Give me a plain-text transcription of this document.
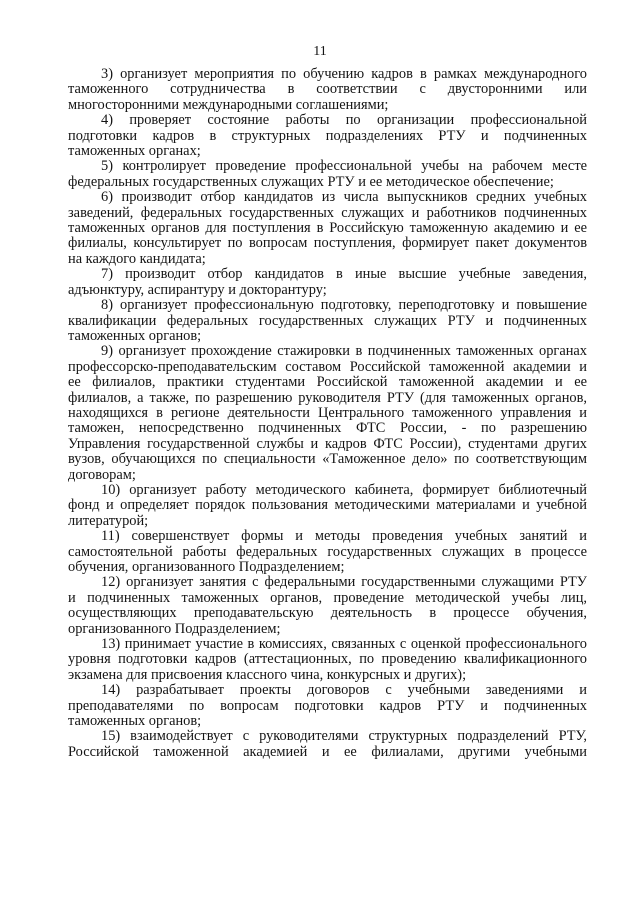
11

3) организует мероприятия по обучению кадров в рамках международного
таможенного сотрудничества в соответствии с двусторонними или
многосторонними международными соглашениями;

4) проверяет состояние работы по организации профессиональной
подготовки кадров в структурных подразделениях РТУ и подчиненных
таможенных органах;

5) контролирует проведение профессиональной учебы на рабочем месте
федеральных государственных служащих РТУ и ее методическое обеспечение;

6) производит отбор кандидатов из числа выпускников средних учебных
заведений, федеральных государственных служащих и работников подчиненных
таможенных органов для поступления в Российскую таможенную академию и ее
филиалы, консультирует по вопросам поступления, формирует пакет документов
на каждого кандидата;

7) производит отбор кандидатов в иные высшие учебные заведения,
адъюнктуру, аспирантуру и докторантуру;

8) организует профессиональную подготовку, переподготовку и повышение
квалификации федеральных государственных служащих РТУ и подчиненных
таможенных органов;

9) организует прохождение стажировки в подчиненных таможенных органах
профессорско-преподавательским составом Российской таможенной академии и
ее филиалов, практики студентами Российской таможенной академии и ее
филиалов, а также, по разрешению руководителя РТУ (для таможенных органов,
находящихся в регионе деятельности Центрального таможенного управления и
таможен, непосредственно подчиненных ФТС России, - по разрешению
Управления государственной службы и кадров ФТС России), студентами других
вузов, обучающихся по специальности «Таможенное дело» по соответствующим
договорам;

10) организует работу методического кабинета, формирует библиотечный
фонд и определяет порядок пользования методическими материалами и учебной
литературой;

11) совершенствует формы и методы проведения учебных занятий и
самостоятельной работы федеральных государственных служащих в процессе
обучения, организованного Подразделением;

12) организует занятия с федеральными государственными служащими РТУ
и подчиненных таможенных органов, проведение методической учебы лиц,
осуществляющих преподавательскую деятельность в процессе обучения,
организованного Подразделением;

13) принимает участие в комиссиях, связанных с оценкой профессионального
уровня подготовки кадров (аттестационных, по проведению квалификационного
экзамена для присвоения классного чина, конкурсных и других);

14) разрабатывает проекты договоров с учебными заведениями и
преподавателями по вопросам подготовки кадров РТУ и подчиненных
таможенных органов;

15) взаимодействует с руководителями структурных подразделений РТУ,
Российской таможенной академией и ее филиалами, другими учебными
